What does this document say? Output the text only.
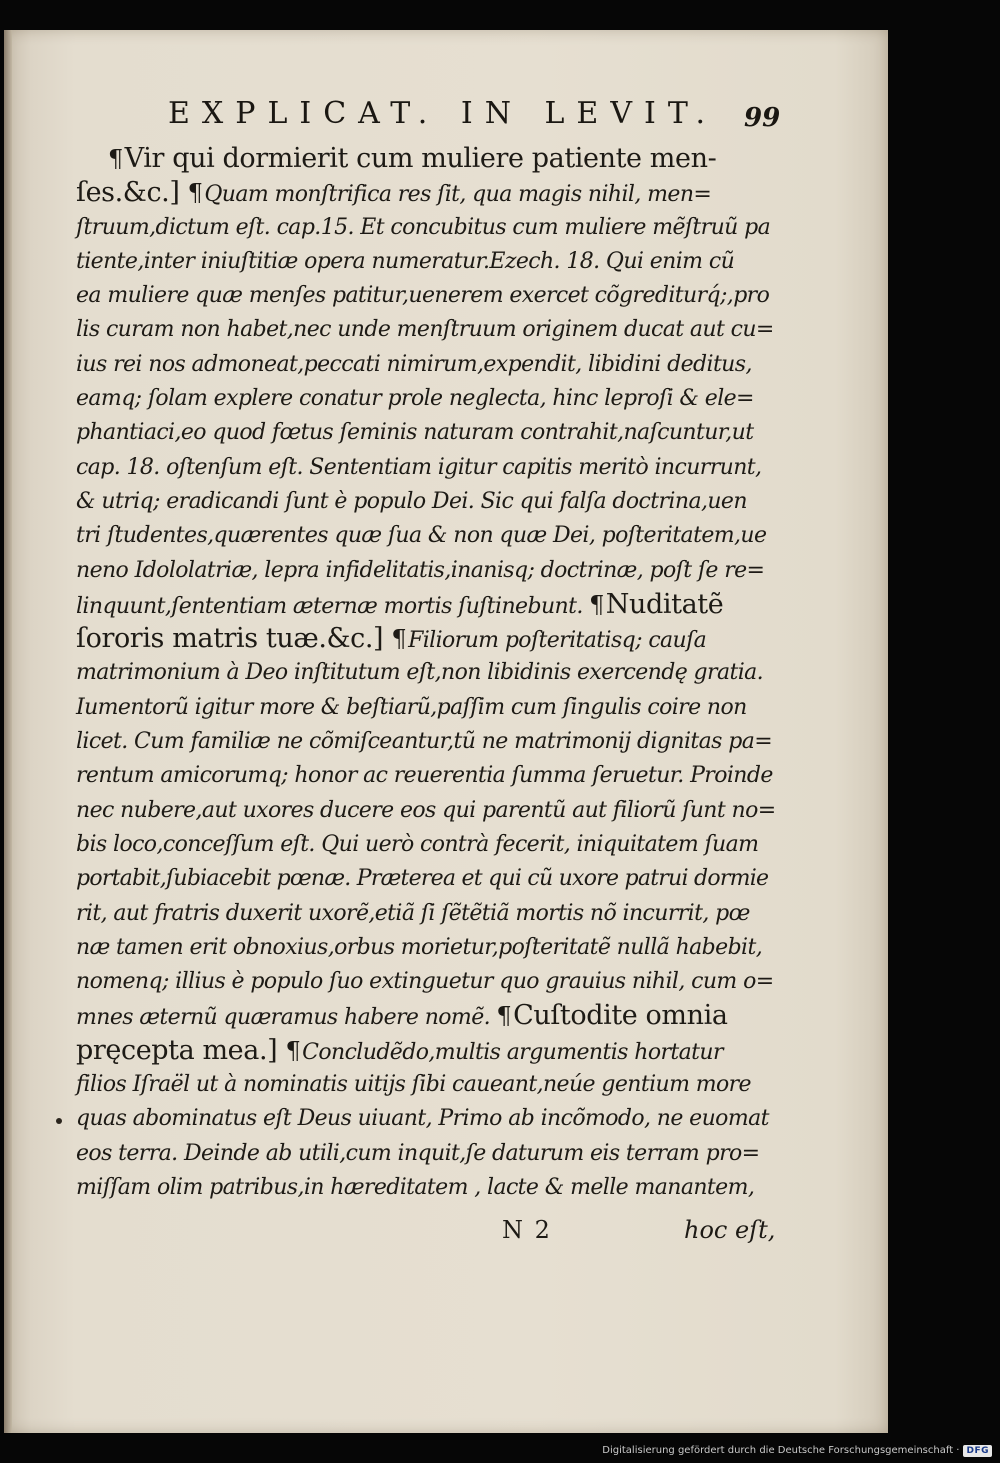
EXPLICAT. IN LEVIT. 99
¶Vir qui dormierit cum muliere patiente men‑
ſes.&c.] ¶Quam monſtrifica res ſit, qua magis nihil, men=
ſtruum,dictum eſt. cap.15. Et concubitus cum muliere mẽſtruũ pa
tiente,inter iniuſtitiæ opera numeratur.Ezech. 18. Qui enim cũ
ea muliere quæ menſes patitur,uenerem exercet cõgrediturq́;,pro
lis curam non habet,nec unde menſtruum originem ducat aut cu=
ius rei nos admoneat,peccati nimirum,expendit, libidini deditus,
eamq; ſolam explere conatur prole neglecta, hinc leproſi & ele=
phantiaci,eo quod fœtus ſeminis naturam contrahit,naſcuntur,ut
cap. 18. oſtenſum eſt. Sententiam igitur capitis meritò incurrunt,
& utriq; eradicandi ſunt è populo Dei. Sic qui falſa doctrina,uen
tri ſtudentes,quærentes quæ ſua & non quæ Dei, poſteritatem,ue
neno Idololatriæ, lepra infidelitatis,inanisq; doctrinæ, poſt ſe re=
linquunt,ſententiam æternæ mortis ſuſtinebunt. ¶Nuditatẽ
ſororis matris tuæ.&c.] ¶Filiorum poſteritatisq; cauſa
matrimonium à Deo inſtitutum eſt,non libidinis exercendę gratia.
Iumentorũ igitur more & beſtiarũ,paſſim cum ſingulis coire non
licet. Cum familiæ ne cõmiſceantur,tũ ne matrimonij dignitas pa=
rentum amicorumq; honor ac reuerentia ſumma ſeruetur. Proinde
nec nubere,aut uxores ducere eos qui parentũ aut filiorũ ſunt no=
bis loco,conceſſum eſt. Qui uerò contrà fecerit, iniquitatem ſuam
portabit,ſubiacebit pœnæ. Præterea et qui cũ uxore patrui dormie
rit, aut fratris duxerit uxorẽ,etiã ſi ſẽtẽtiã mortis nõ incurrit, pœ
næ tamen erit obnoxius,orbus morietur,poſteritatẽ nullã habebit,
nomenq; illius è populo ſuo extinguetur quo grauius nihil, cum o=
mnes æternũ quæramus habere nomẽ. ¶Cuſtodite omnia
pręcepta mea.] ¶Concludẽdo,multis argumentis hortatur
filios Iſraël ut à nominatis uitijs ſibi caueant,neúe gentium more
quas abominatus eſt Deus uiuant, Primo ab incõmodo, ne euomat
eos terra. Deinde ab utili,cum inquit,ſe daturum eis terram pro=
miſſam olim patribus,in hæreditatem , lacte & melle manantem,
N 2	hoc eſt,
Digitalisierung gefördert durch die Deutsche Forschungsgemeinschaft · DFG
